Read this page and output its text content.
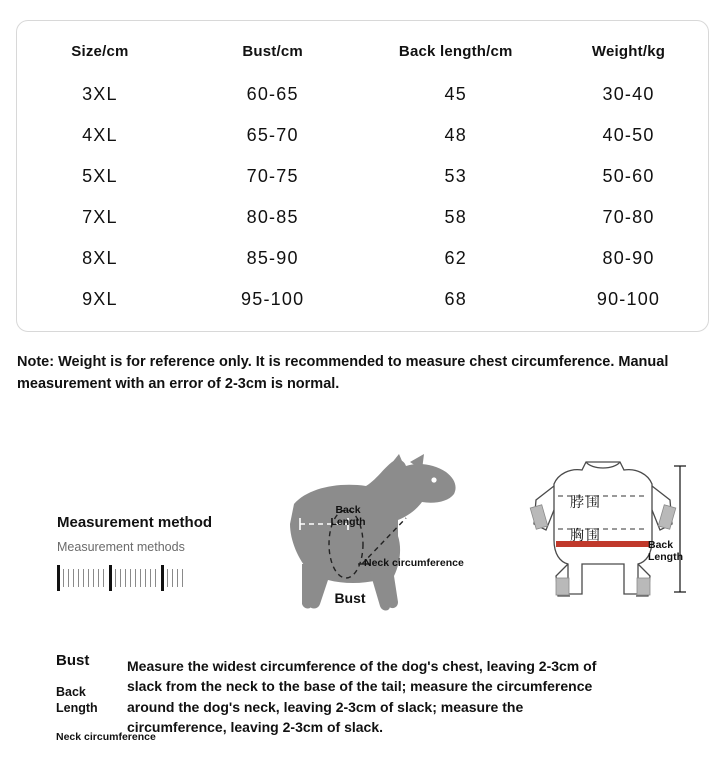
Size/cm	Bust/cm	Back length/cm	Weight/kg
3XL	60-65	45	30-40
4XL	65-70	48	40-50
5XL	70-75	53	50-60
7XL	80-85	58	70-80
8XL	85-90	62	80-90
9XL	95-100	68	90-100
Note: Weight is for reference only. It is recommended to measure chest circumference. Manual measurement with an error of 2-3cm is normal.
Measurement method
Measurement methods
Back Length
Neck circumference
Bust
脖围
胸围
Back Length
Bust
Back Length
Neck circumference
Measure the widest circumference of the dog's chest, leaving 2-3cm of slack from the neck to the base of the tail; measure the circumference around the dog's neck, leaving 2-3cm of slack; measure the circumference, leaving 2-3cm of slack.
